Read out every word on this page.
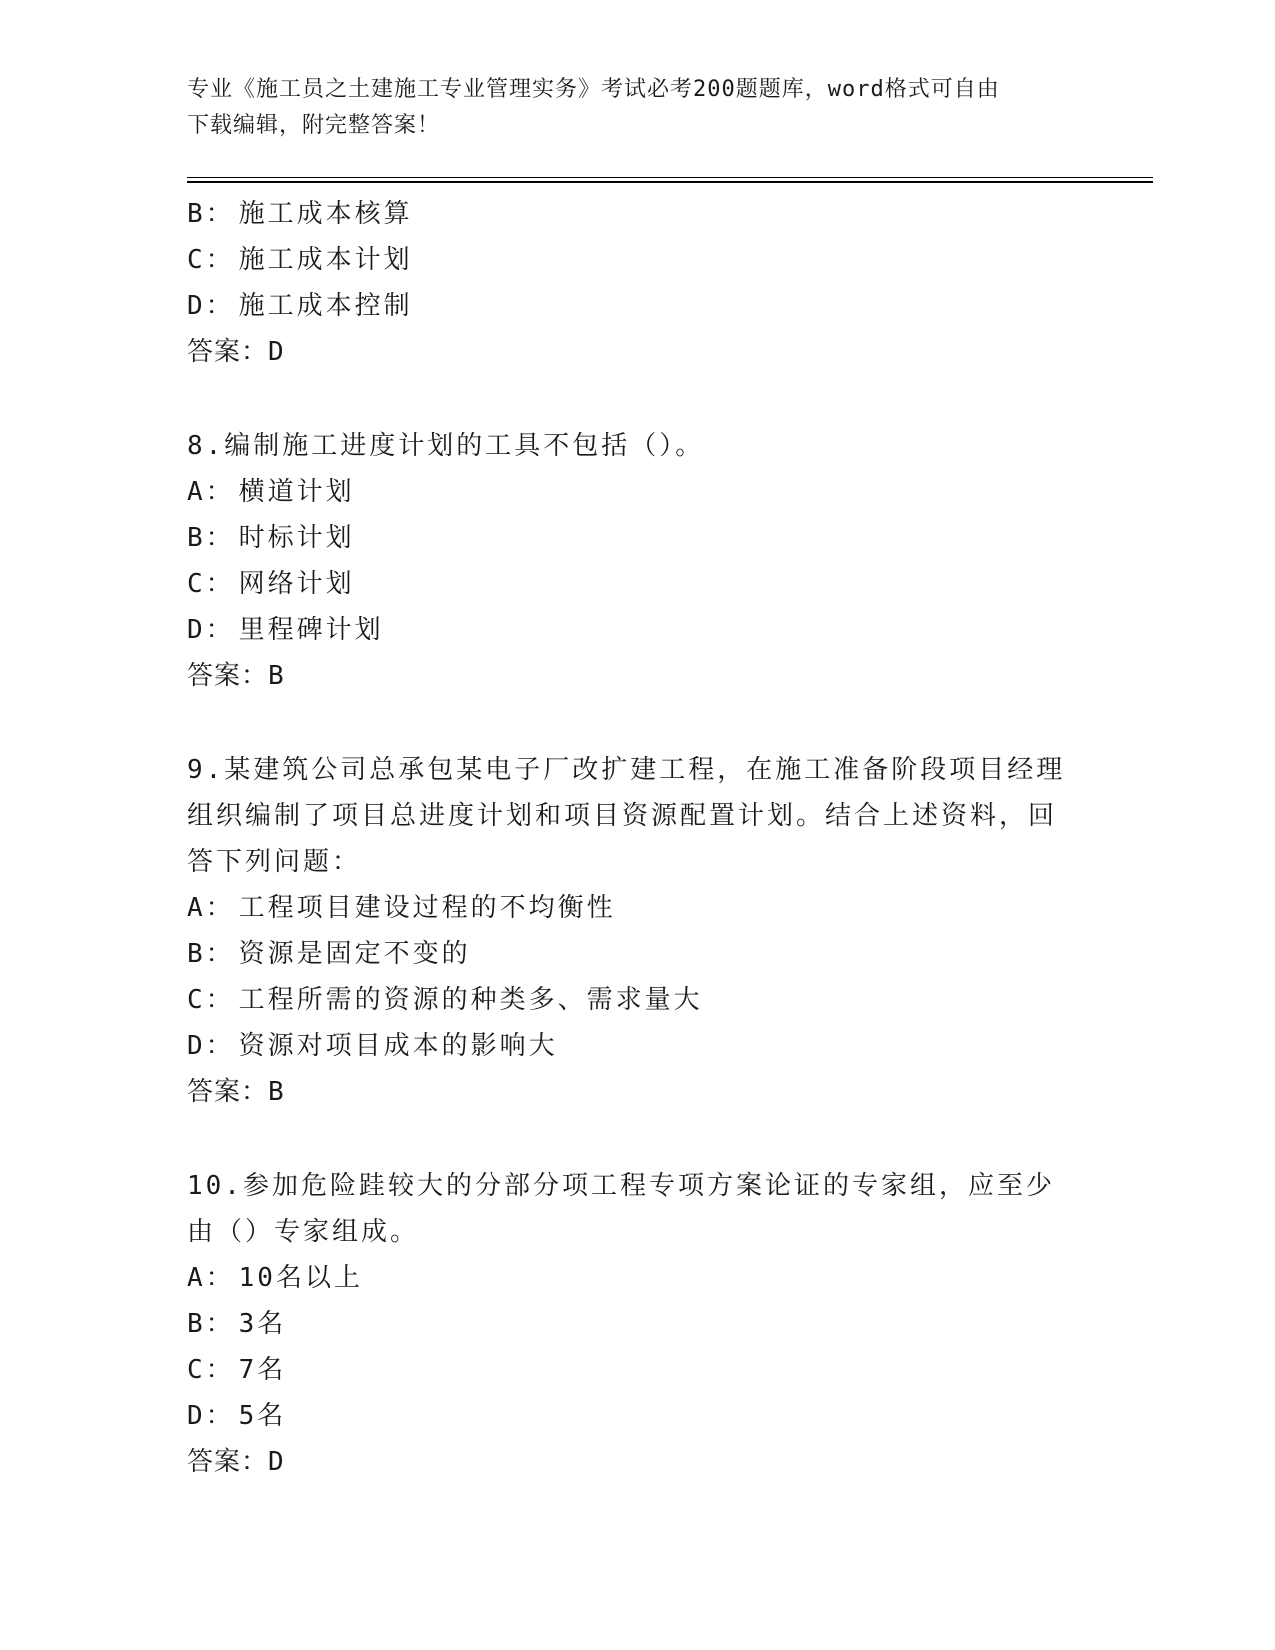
专业《施工员之土建施工专业管理实务》考试必考200题题库，word格式可自由
下载编辑，附完整答案！
B： 施工成本核算
C： 施工成本计划
D： 施工成本控制
答案：D
8.编制施工进度计划的工具不包括（）。
A： 横道计划
B： 时标计划
C： 网络计划
D： 里程碑计划
答案：B
9.某建筑公司总承包某电子厂改扩建工程，在施工准备阶段项目经理组织编制了项目总进度计划和项目资源配置计划。结合上述资料，回答下列问题：
A： 工程项目建设过程的不均衡性
B： 资源是固定不变的
C： 工程所需的资源的种类多、需求量大
D： 资源对项目成本的影响大
答案：B
10.参加危险跬较大的分部分项工程专项方案论证的专家组，应至少由（）专家组成。
A： 10名以上
B： 3名
C： 7名
D： 5名
答案：D
